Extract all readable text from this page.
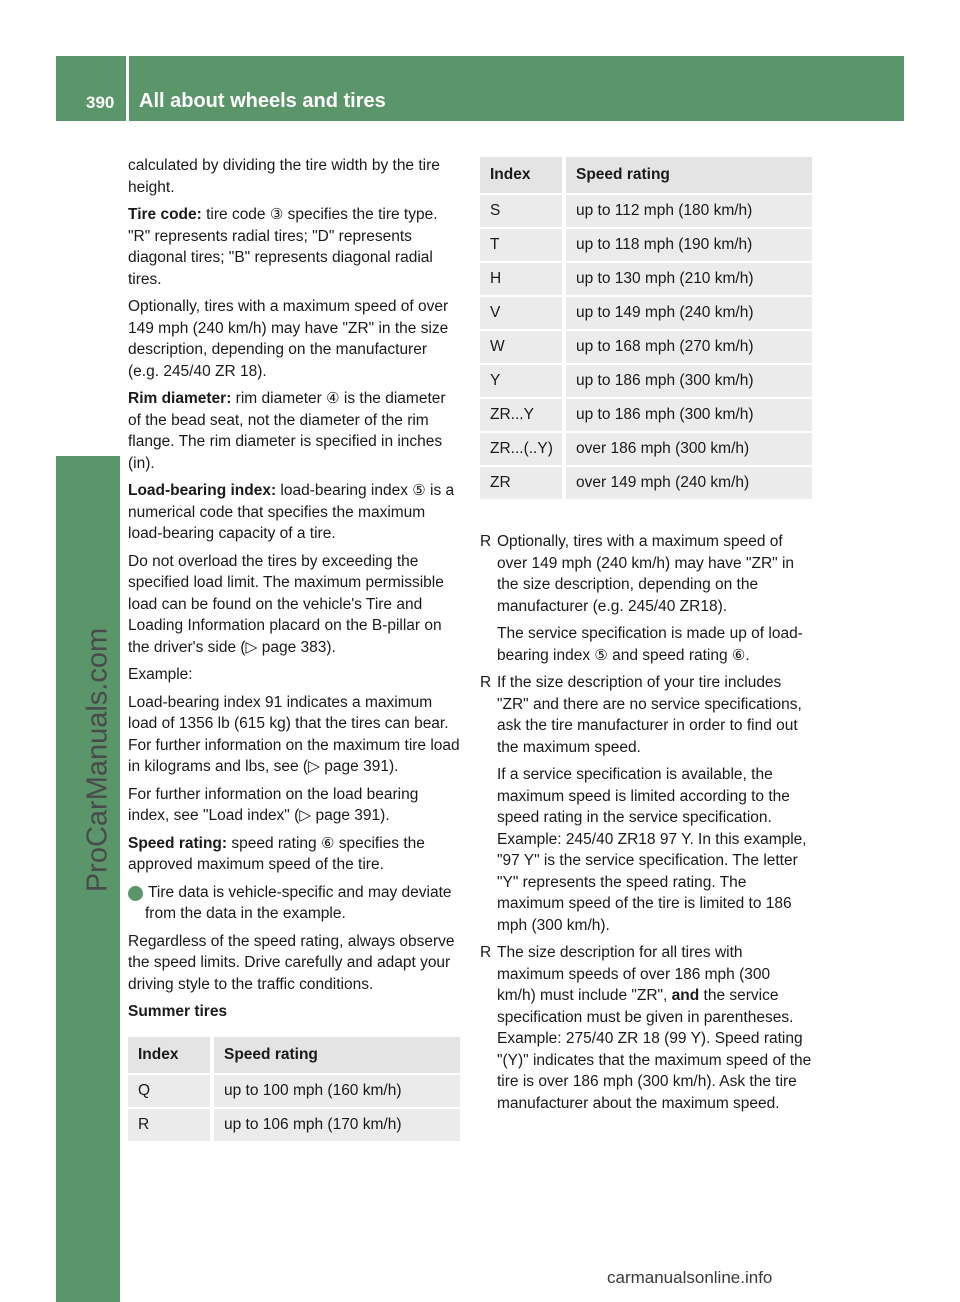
390 All about wheels and tires
ProCarManuals.com
carmanualsonline.info

calculated by dividing the tire width by the tire height.

Tire code: tire code ③ specifies the tire type. "R" represents radial tires; "D" represents diagonal tires; "B" represents diagonal radial tires.

Optionally, tires with a maximum speed of over 149 mph (240 km/h) may have "ZR" in the size description, depending on the manufacturer (e.g. 245/40 ZR 18).

Rim diameter: rim diameter ④ is the diameter of the bead seat, not the diameter of the rim flange. The rim diameter is specified in inches (in).

Load-bearing index: load-bearing index ⑤ is a numerical code that specifies the maximum load-bearing capacity of a tire.

Do not overload the tires by exceeding the specified load limit. The maximum permissible load can be found on the vehicle's Tire and Loading Information placard on the B-pillar on the driver's side (▷ page 383).

Example:

Load-bearing index 91 indicates a maximum load of 1356 lb (615 kg) that the tires can bear. For further information on the maximum tire load in kilograms and lbs, see (▷ page 391).

For further information on the load bearing index, see "Load index" (▷ page 391).

Speed rating: speed rating ⑥ specifies the approved maximum speed of the tire.

i Tire data is vehicle-specific and may deviate from the data in the example.

Regardless of the speed rating, always observe the speed limits. Drive carefully and adapt your driving style to the traffic conditions.

Summer tires

Index	Speed rating
Q	up to 100 mph (160 km/h)
R	up to 106 mph (170 km/h)
Index	Speed rating
S	up to 112 mph (180 km/h)
T	up to 118 mph (190 km/h)
H	up to 130 mph (210 km/h)
V	up to 149 mph (240 km/h)
W	up to 168 mph (270 km/h)
Y	up to 186 mph (300 km/h)
ZR...Y	up to 186 mph (300 km/h)
ZR...(..Y)	over 186 mph (300 km/h)
ZR	over 149 mph (240 km/h)

R Optionally, tires with a maximum speed of over 149 mph (240 km/h) may have "ZR" in the size description, depending on the manufacturer (e.g. 245/40 ZR18).

The service specification is made up of load-bearing index ⑤ and speed rating ⑥.

R If the size description of your tire includes "ZR" and there are no service specifications, ask the tire manufacturer in order to find out the maximum speed.

If a service specification is available, the maximum speed is limited according to the speed rating in the service specification. Example: 245/40 ZR18 97 Y. In this example, "97 Y" is the service specification. The letter "Y" represents the speed rating. The maximum speed of the tire is limited to 186 mph (300 km/h).

R The size description for all tires with maximum speeds of over 186 mph (300 km/h) must include "ZR", and the service specification must be given in parentheses. Example: 275/40 ZR 18 (99 Y). Speed rating "(Y)" indicates that the maximum speed of the tire is over 186 mph (300 km/h). Ask the tire manufacturer about the maximum speed.
